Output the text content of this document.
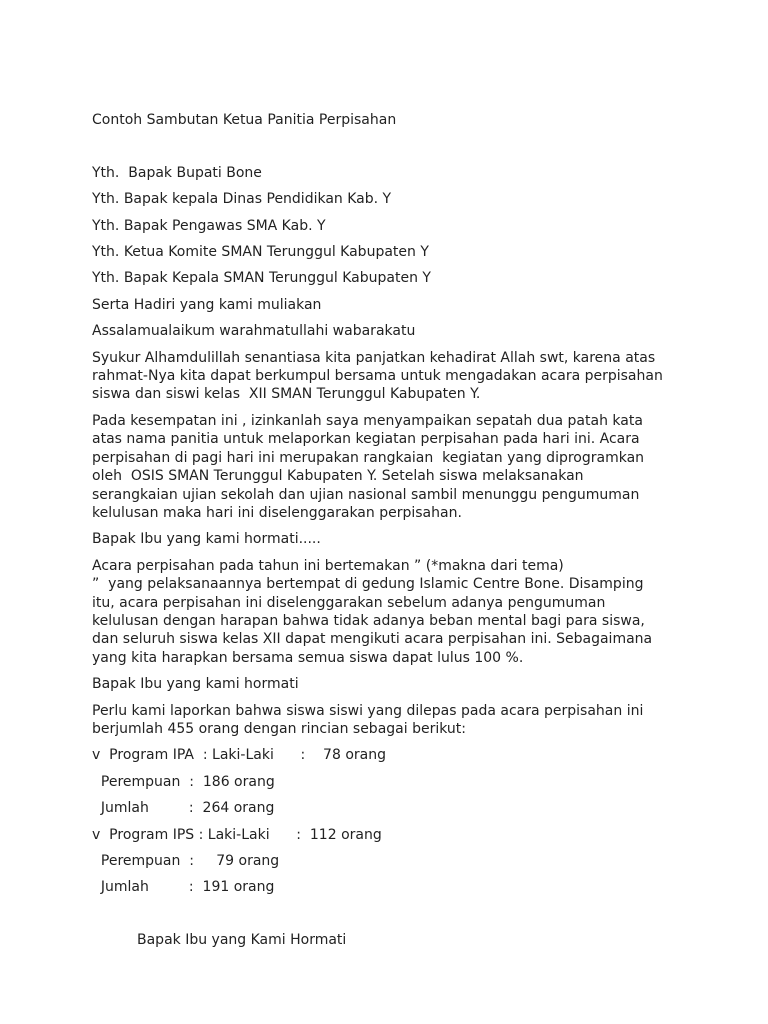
Contoh Sambutan Ketua Panitia Perpisahan
Yth.  Bapak Bupati Bone
Yth. Bapak kepala Dinas Pendidikan Kab. Y
Yth. Bapak Pengawas SMA Kab. Y
Yth. Ketua Komite SMAN Terunggul Kabupaten Y
Yth. Bapak Kepala SMAN Terunggul Kabupaten Y
Serta Hadiri yang kami muliakan
Assalamualaikum warahmatullahi wabarakatu
Syukur Alhamdulillah senantiasa kita panjatkan kehadirat Allah swt, karena atas
rahmat-Nya kita dapat berkumpul bersama untuk mengadakan acara perpisahan
siswa dan siswi kelas  XII SMAN Terunggul Kabupaten Y.
Pada kesempatan ini , izinkanlah saya menyampaikan sepatah dua patah kata
atas nama panitia untuk melaporkan kegiatan perpisahan pada hari ini. Acara
perpisahan di pagi hari ini merupakan rangkaian  kegiatan yang diprogramkan
oleh  OSIS SMAN Terunggul Kabupaten Y. Setelah siswa melaksanakan
serangkaian ujian sekolah dan ujian nasional sambil menunggu pengumuman
kelulusan maka hari ini diselenggarakan perpisahan.
Bapak Ibu yang kami hormati.....
Acara perpisahan pada tahun ini bertemakan ” (*makna dari tema)
”  yang pelaksanaannya bertempat di gedung Islamic Centre Bone. Disamping
itu, acara perpisahan ini diselenggarakan sebelum adanya pengumuman
kelulusan dengan harapan bahwa tidak adanya beban mental bagi para siswa,
dan seluruh siswa kelas XII dapat mengikuti acara perpisahan ini. Sebagaimana
yang kita harapkan bersama semua siswa dapat lulus 100 %.
Bapak Ibu yang kami hormati
Perlu kami laporkan bahwa siswa siswi yang dilepas pada acara perpisahan ini
berjumlah 455 orang dengan rincian sebagai berikut:
v  Program IPA  : Laki-Laki      :    78 orang
Perempuan  :  186 orang
Jumlah         :  264 orang
v  Program IPS : Laki-Laki      :  112 orang
Perempuan  :     79 orang
Jumlah         :  191 orang
Bapak Ibu yang Kami Hormati
